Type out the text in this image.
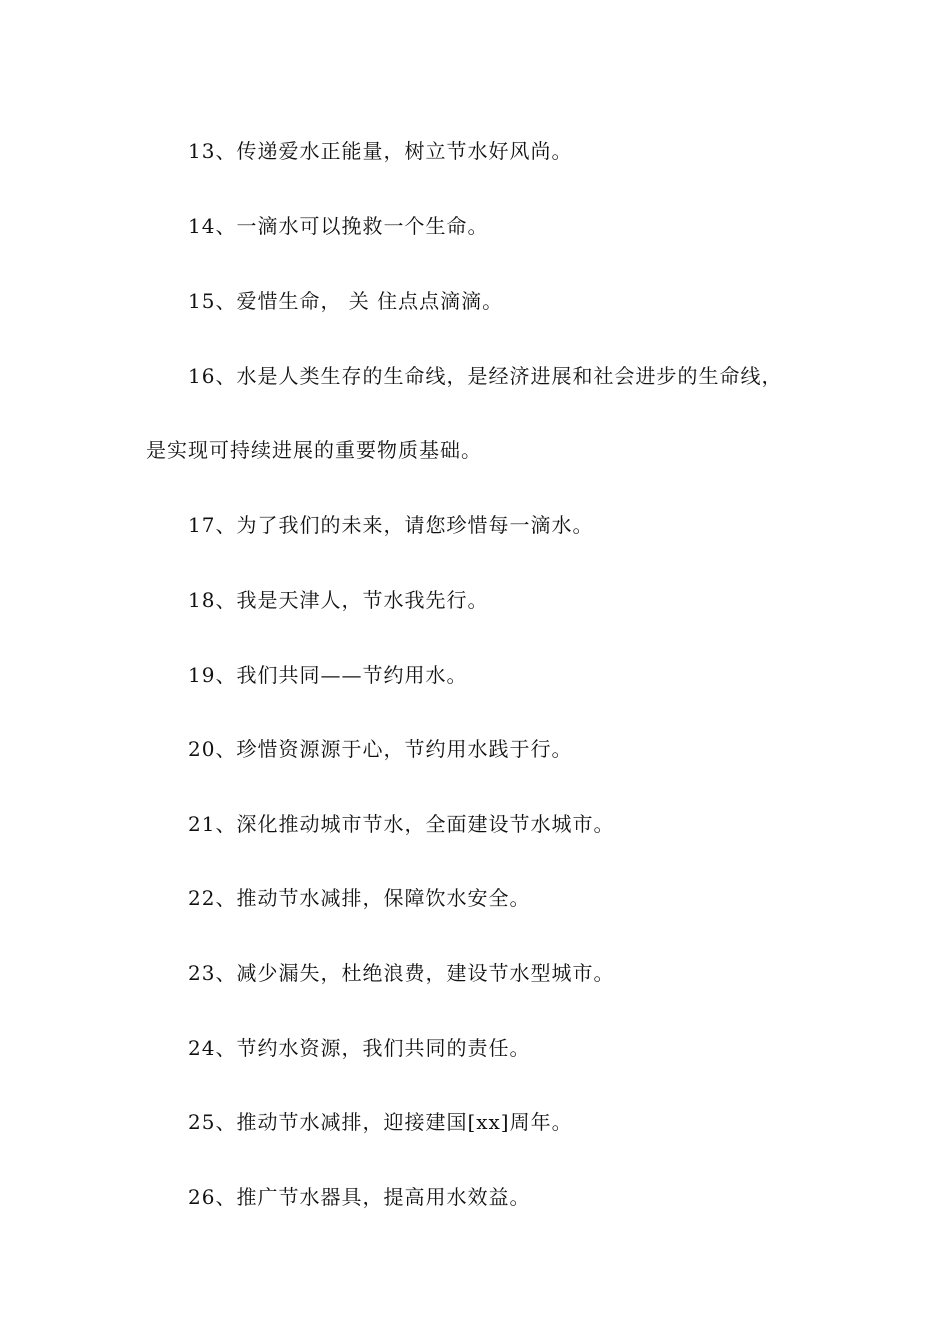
13、传递爱水正能量，树立节水好风尚。
14、一滴水可以挽救一个生命。
15、爱惜生命， 关 住点点滴滴。
16、水是人类生存的生命线，是经济进展和社会进步的生命线，
是实现可持续进展的重要物质基础。
17、为了我们的未来，请您珍惜每一滴水。
18、我是天津人，节水我先行。
19、我们共同——节约用水。
20、珍惜资源源于心，节约用水践于行。
21、深化推动城市节水，全面建设节水城市。
22、推动节水减排，保障饮水安全。
23、减少漏失，杜绝浪费，建设节水型城市。
24、节约水资源，我们共同的责任。
25、推动节水减排，迎接建国[xx]周年。
26、推广节水器具，提高用水效益。
